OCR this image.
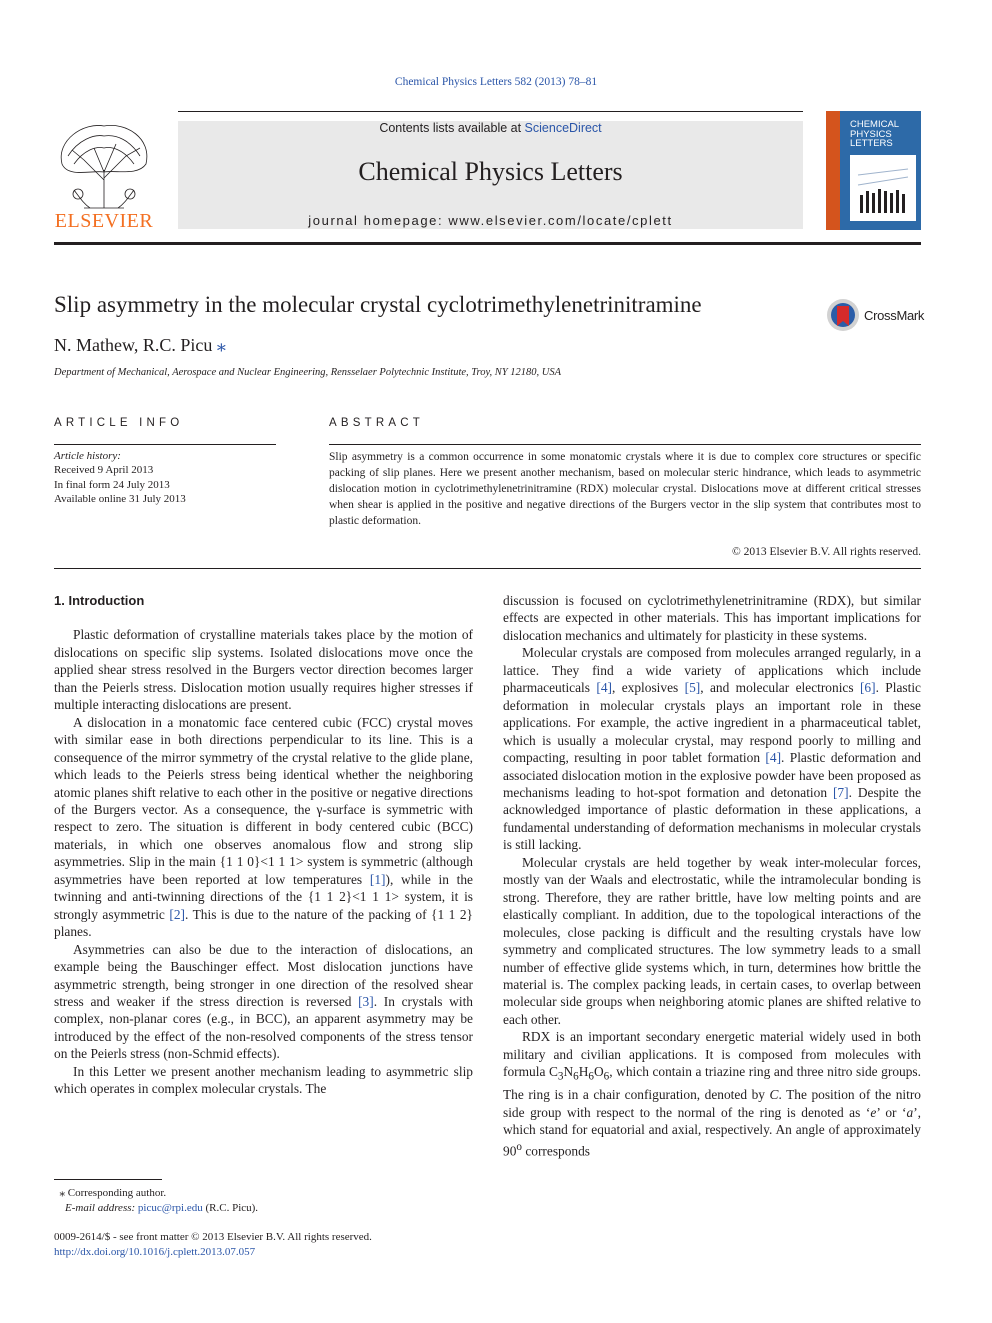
Chemical Physics Letters 582 (2013) 78–81
ELSEVIER
Contents lists available at ScienceDirect
Chemical Physics Letters
journal homepage: www.elsevier.com/locate/cplett
CHEMICAL
PHYSICS
LETTERS
Slip asymmetry in the molecular crystal cyclotrimethylenetrinitramine	CrossMark
N. Mathew, R.C. Picu ⁎
Department of Mechanical, Aerospace and Nuclear Engineering, Rensselaer Polytechnic Institute, Troy, NY 12180, USA
ARTICLE INFO	ABSTRACT
Article history:
Received 9 April 2013
In final form 24 July 2013
Available online 31 July 2013
Slip asymmetry is a common occurrence in some monatomic crystals where it is due to complex core structures or specific packing of slip planes. Here we present another mechanism, based on molecular steric hindrance, which leads to asymmetric dislocation motion in cyclotrimethylenetrinitramine (RDX) molecular crystal. Dislocations move at different critical stresses when shear is applied in the positive and negative directions of the Burgers vector in the slip system that contributes most to plastic deformation.
© 2013 Elsevier B.V. All rights reserved.
1. Introduction

Plastic deformation of crystalline materials takes place by the motion of dislocations on specific slip systems. Isolated dislocations move once the applied shear stress resolved in the Burgers vector direction becomes larger than the Peierls stress. Dislocation motion usually requires higher stresses if multiple interacting dislocations are present.

A dislocation in a monatomic face centered cubic (FCC) crystal moves with similar ease in both directions perpendicular to its line. This is a consequence of the mirror symmetry of the crystal relative to the glide plane, which leads to the Peierls stress being identical whether the neighboring atomic planes shift relative to each other in the positive or negative directions of the Burgers vector. As a consequence, the γ-surface is symmetric with respect to zero. The situation is different in body centered cubic (BCC) materials, in which one observes anomalous flow and strong slip asymmetries. Slip in the main {1 1 0}<1 1 1> system is symmetric (although asymmetries have been reported at low temperatures [1]), while in the twinning and anti-twinning directions of the {1 1 2}<1 1 1> system, it is strongly asymmetric [2]. This is due to the nature of the packing of {1 1 2} planes.

Asymmetries can also be due to the interaction of dislocations, an example being the Bauschinger effect. Most dislocation junctions have asymmetric strength, being stronger in one direction of the resolved shear stress and weaker if the stress direction is reversed [3]. In crystals with complex, non-planar cores (e.g., in BCC), an apparent asymmetry may be introduced by the effect of the non-resolved components of the stress tensor on the Peierls stress (non-Schmid effects).

In this Letter we present another mechanism leading to asymmetric slip which operates in complex molecular crystals. The

discussion is focused on cyclotrimethylenetrinitramine (RDX), but similar effects are expected in other materials. This has important implications for dislocation mechanics and ultimately for plasticity in these systems.

Molecular crystals are composed from molecules arranged regularly, in a lattice. They find a wide variety of applications which include pharmaceuticals [4], explosives [5], and molecular electronics [6]. Plastic deformation in molecular crystals plays an important role in these applications. For example, the active ingredient in a pharmaceutical tablet, which is usually a molecular crystal, may respond poorly to milling and compacting, resulting in poor tablet formation [4]. Plastic deformation and associated dislocation motion in the explosive powder have been proposed as mechanisms leading to hot-spot formation and detonation [7]. Despite the acknowledged importance of plastic deformation in these applications, a fundamental understanding of deformation mechanisms in molecular crystals is still lacking.

Molecular crystals are held together by weak inter-molecular forces, mostly van der Waals and electrostatic, while the intramolecular bonding is strong. Therefore, they are rather brittle, have low melting points and are elastically compliant. In addition, due to the topological interactions of the molecules, close packing is difficult and the resulting crystals have low symmetry and complicated structures. The low symmetry leads to a small number of effective glide systems which, in turn, determines how brittle the material is. The complex packing leads, in certain cases, to overlap between molecular side groups when neighboring atomic planes are shifted relative to each other.

RDX is an important secondary energetic material widely used in both military and civilian applications. It is composed from molecules with formula $C_3N_6H_6O_6$, which contain a triazine ring and three nitro side groups. The ring is in a chair configuration, denoted by C. The position of the nitro side group with respect to the normal of the ring is denoted as ‘e’ or ‘a’, which stand for equatorial and axial, respectively. An angle of approximately 90$^o$ corresponds

⁎ Corresponding author.
E-mail address: picuc@rpi.edu (R.C. Picu).
0009-2614/$ - see front matter © 2013 Elsevier B.V. All rights reserved.
http://dx.doi.org/10.1016/j.cplett.2013.07.057
